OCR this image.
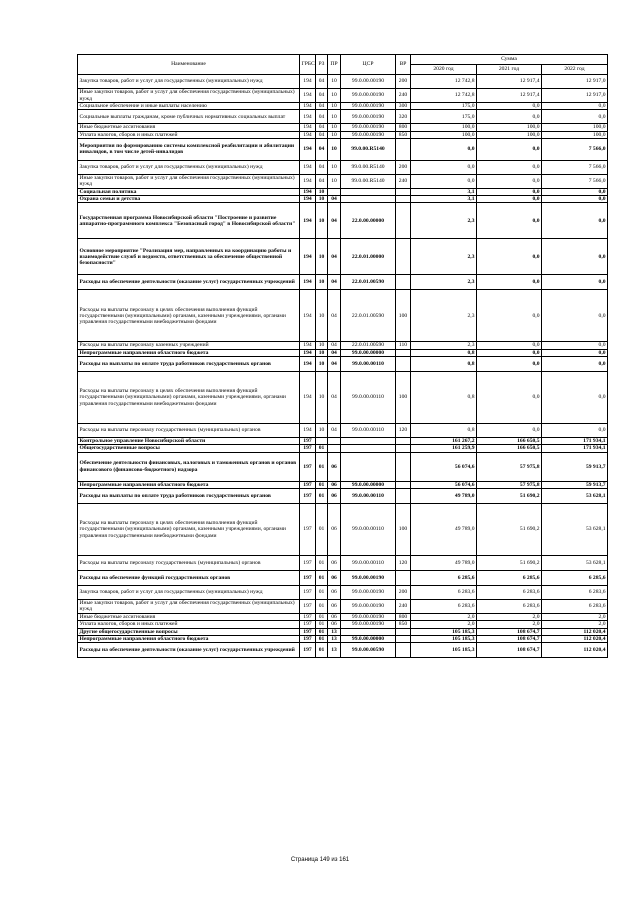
Наименование	ГРБС	РЗ	ПР	ЦСР	ВР	Сумма		
						2020 год	2021 год	2022 год
Закупка товаров, работ и услуг для государственных (муниципальных) нужд	194	04	10	99.0.00.00190	200	12 742,8	12 917,4	12 917,0
Иные закупки товаров, работ и услуг для обеспечения государственных (муниципальных) нужд	194	04	10	99.0.00.00190	240	12 742,8	12 917,4	12 917,0
Социальное обеспечение и иные выплаты населению	194	04	10	99.0.00.00190	300	175,0	0,0	0,0
Социальные выплаты гражданам, кроме публичных нормативных социальных выплат	194	04	10	99.0.00.00190	320	175,0	0,0	0,0
Иные бюджетные ассигнования	194	04	10	99.0.00.00190	800	100,0	100,0	100,0
Уплата налогов, сборов и иных платежей	194	04	10	99.0.00.00190	850	100,0	100,0	100,0
Мероприятия по формированию системы комплексной реабилитации и абилитации инвалидов, в том числе детей-инвалидов	194	04	10	99.0.00.R5140		0,0	0,0	7 566,0
Закупка товаров, работ и услуг для государственных (муниципальных) нужд	194	04	10	99.0.00.R5140	200	0,0	0,0	7 566,0
Иные закупки товаров, работ и услуг для обеспечения государственных (муниципальных) нужд	194	04	10	99.0.00.R5140	240	0,0	0,0	7 566,0
Социальная политика	194	10				3,1	0,0	0,0
Охрана семьи и детства	194	10	04			3,1	0,0	0,0
Государственная программа Новосибирской области "Построение и развитие аппаратно-программного комплекса "Безопасный город" в Новосибирской области"	194	10	04	22.0.00.00000		2,3	0,0	0,0
Основное мероприятие "Реализация мер, направленных на координацию работы и взаимодействие служб и ведомств, ответственных за обеспечение общественной безопасности"	194	10	04	22.0.01.00000		2,3	0,0	0,0
Расходы на обеспечение деятельности (оказание услуг) государственных учреждений	194	10	04	22.0.01.00590		2,3	0,0	0,0
Расходы на выплаты персоналу в целях обеспечения выполнения функций государственными (муниципальными) органами, казенными учреждениями, органами управления государственными внебюджетными фондами	194	10	04	22.0.01.00590	100	2,3	0,0	0,0
Расходы на выплаты персоналу казенных учреждений	194	10	04	22.0.01.00590	110	2,3	0,0	0,0
Непрограммные направления областного бюджета	194	10	04	99.0.00.00000		0,8	0,0	0,0
Расходы на выплаты по оплате труда работников государственных органов	194	10	04	99.0.00.00110		0,8	0,0	0,0
Расходы на выплаты персоналу в целях обеспечения выполнения функций государственными (муниципальными) органами, казенными учреждениями, органами управления государственными внебюджетными фондами	194	10	04	99.0.00.00110	100	0,8	0,0	0,0
Расходы на выплаты персоналу государственных (муниципальных) органов	194	10	04	99.0.00.00110	120	0,8	0,0	0,0
Контрольное управление Новосибирской области	197					161 267,2	166 650,5	171 934,1
Общегосударственные вопросы	197	01				161 259,9	166 650,5	171 934,1
Обеспечение деятельности финансовых, налоговых и таможенных органов и органов финансового (финансово-бюджетного) надзора	197	01	06			56 074,6	57 975,8	59 913,7
Непрограммные направления областного бюджета	197	01	06	99.0.00.00000		56 074,6	57 975,8	59 913,7
Расходы на выплаты по оплате труда работников государственных органов	197	01	06	99.0.00.00110		49 789,0	51 690,2	53 628,1
Расходы на выплаты персоналу в целях обеспечения выполнения функций государственными (муниципальными) органами, казенными учреждениями, органами управления государственными внебюджетными фондами	197	01	06	99.0.00.00110	100	49 789,0	51 690,2	53 628,1
Расходы на выплаты персоналу государственных (муниципальных) органов	197	01	06	99.0.00.00110	120	49 789,0	51 690,2	53 628,1
Расходы на обеспечение функций государственных органов	197	01	06	99.0.00.00190		6 285,6	6 285,6	6 285,6
Закупка товаров, работ и услуг для государственных (муниципальных) нужд	197	01	06	99.0.00.00190	200	6 283,6	6 283,6	6 283,6
Иные закупки товаров, работ и услуг для обеспечения государственных (муниципальных) нужд	197	01	06	99.0.00.00190	240	6 283,6	6 283,6	6 283,6
Иные бюджетные ассигнования	197	01	06	99.0.00.00190	800	2,0	2,0	2,0
Уплата налогов, сборов и иных платежей	197	01	06	99.0.00.00190	850	2,0	2,0	2,0
Другие общегосударственные вопросы	197	01	13			105 185,3	108 674,7	112 020,4
Непрограммные направления областного бюджета	197	01	13	99.0.00.00000		105 185,3	108 674,7	112 020,4
Расходы на обеспечение деятельности (оказание услуг) государственных учреждений	197	01	13	99.0.00.00590		105 185,3	108 674,7	112 020,4
Страница 149 из 161
